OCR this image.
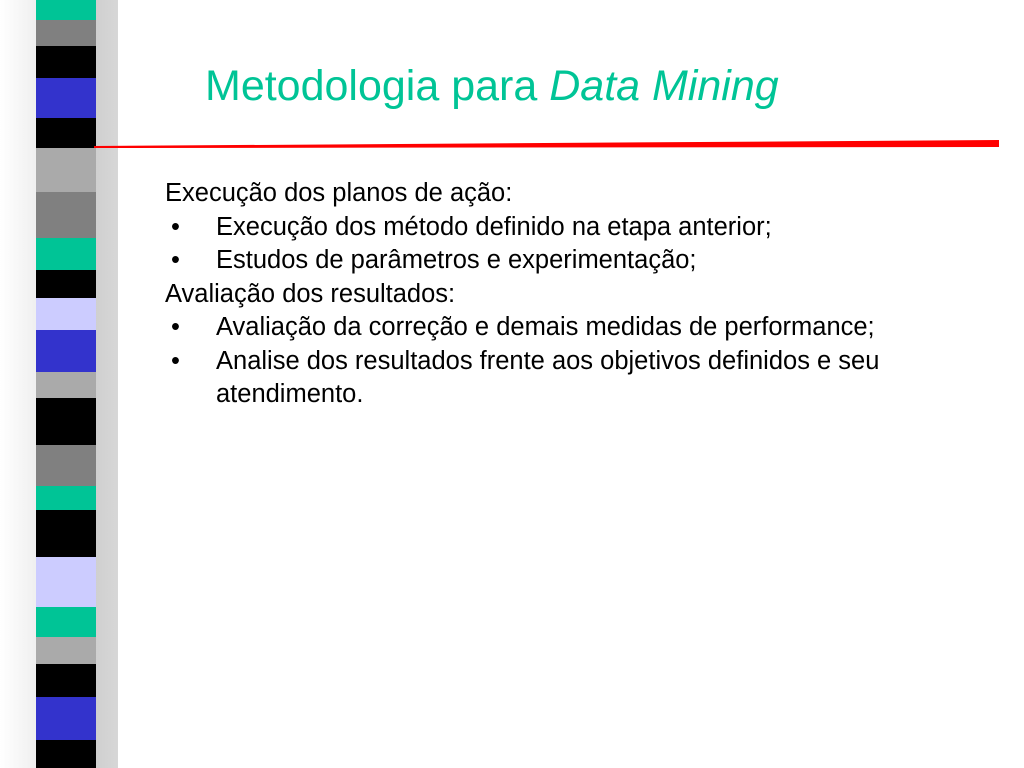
Metodologia para Data Mining

Execução dos planos de ação:

• Execução dos método definido na etapa anterior;

• Estudos de parâmetros e experimentação;

Avaliação dos resultados:

• Avaliação da correção e demais medidas de performance;

• Analise dos resultados frente aos objetivos definidos e seu atendimento.
